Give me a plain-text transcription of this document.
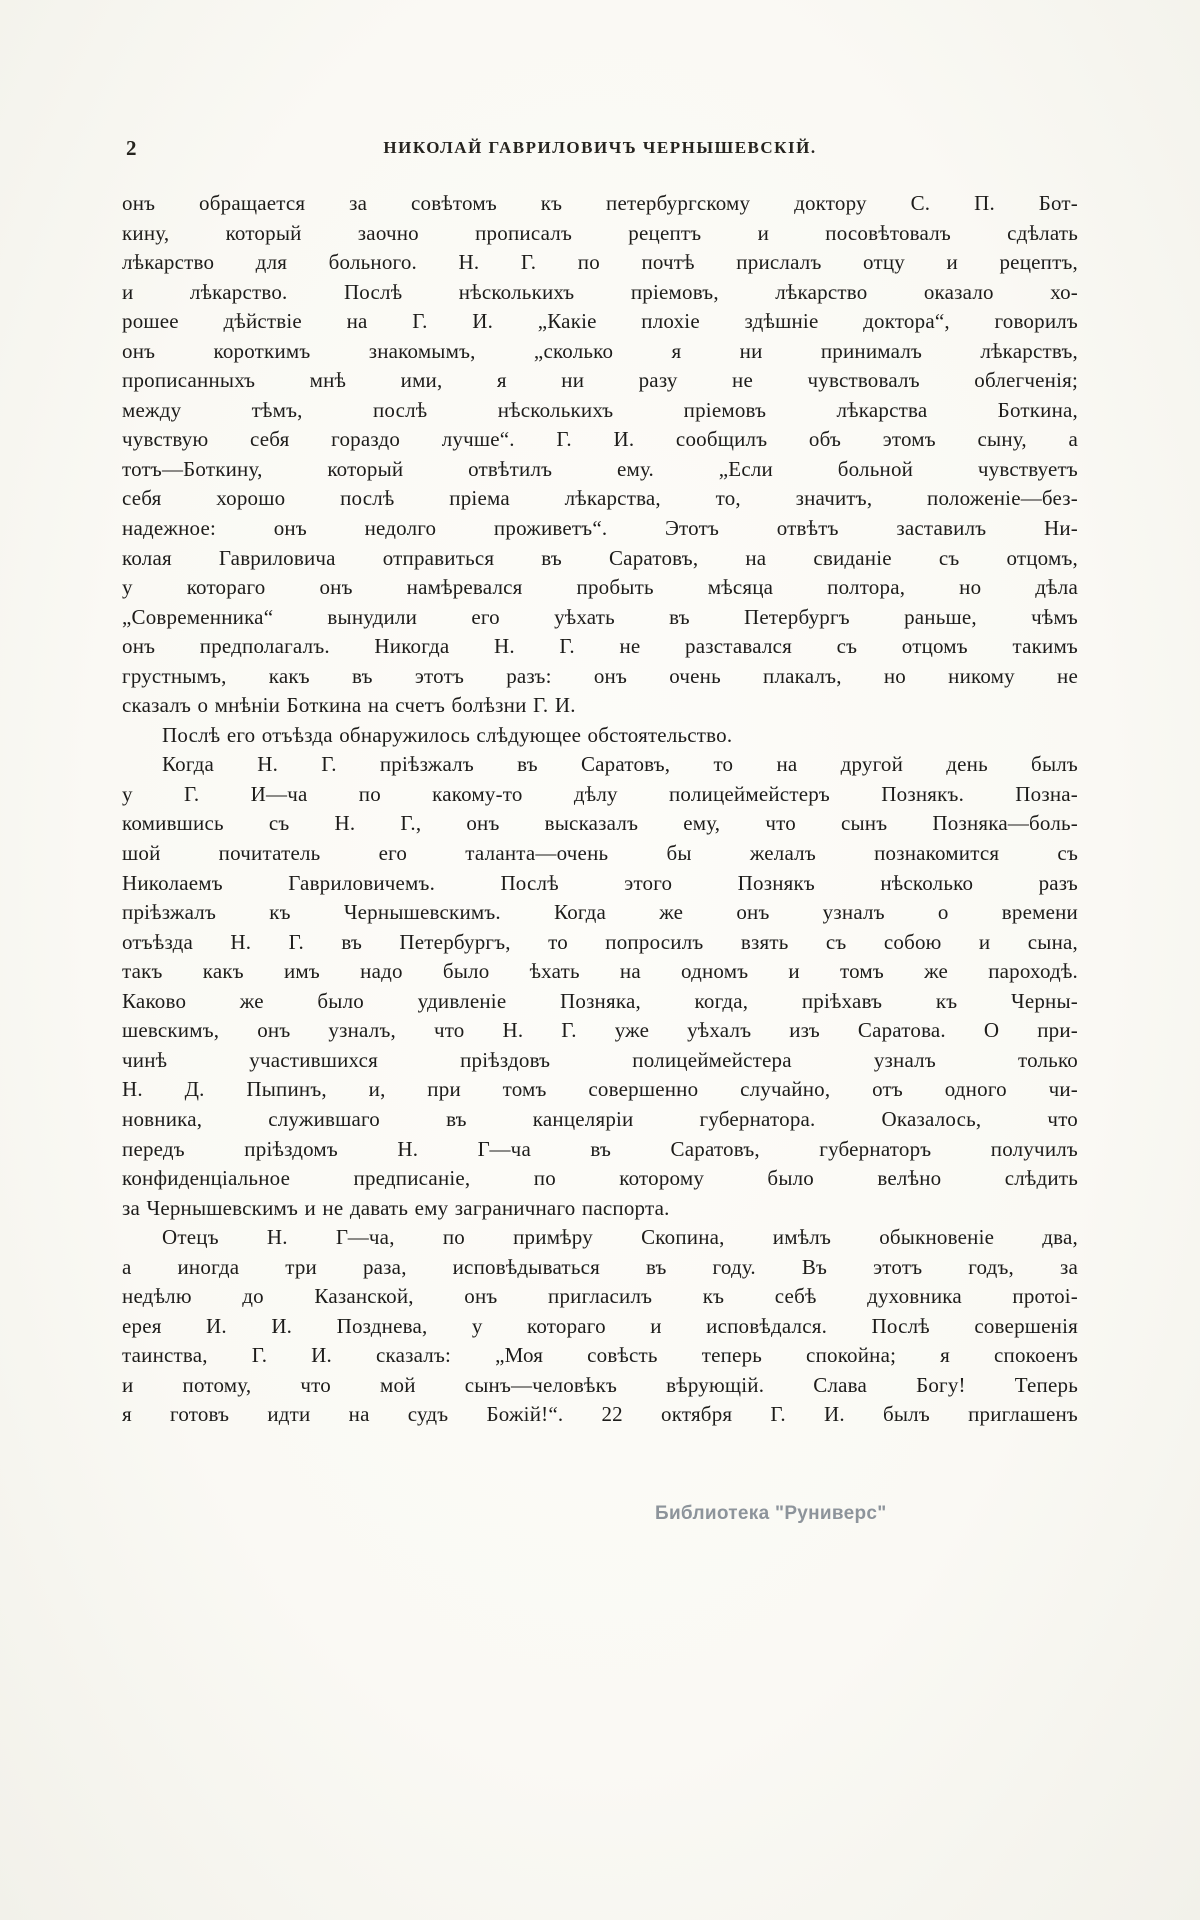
2	НИКОЛАЙ ГАВРИЛОВИЧЪ ЧЕРНЫШЕВСКІЙ.
онъ обращается за совѣтомъ къ петербургскому доктору С. П. Бот-
кину, который заочно прописалъ рецептъ и посовѣтовалъ сдѣлать
лѣкарство для больного. Н. Г. по почтѣ прислалъ отцу и рецептъ,
и лѣкарство. Послѣ нѣсколькихъ пріемовъ, лѣкарство оказало хо-
рошее дѣйствіе на Г. И. „Какіе плохіе здѣшніе доктора“, говорилъ
онъ короткимъ знакомымъ, „сколько я ни принималъ лѣкарствъ,
прописанныхъ мнѣ ими, я ни разу не чувствовалъ облегченія;
между тѣмъ, послѣ нѣсколькихъ пріемовъ лѣкарства Боткина,
чувствую себя гораздо лучше“. Г. И. сообщилъ объ этомъ сыну, а
тотъ—Боткину, который отвѣтилъ ему. „Если больной чувствуетъ
себя хорошо послѣ пріема лѣкарства, то, значитъ, положеніе—без-
надежное: онъ недолго проживетъ“. Этотъ отвѣтъ заставилъ Ни-
колая Гавриловича отправиться въ Саратовъ, на свиданіе съ отцомъ,
у котораго онъ намѣревался пробыть мѣсяца полтора, но дѣла
„Современника“ вынудили его уѣхать въ Петербургъ раньше, чѣмъ
онъ предполагалъ. Никогда Н. Г. не разставался съ отцомъ такимъ
грустнымъ, какъ въ этотъ разъ: онъ очень плакалъ, но никому не
сказалъ о мнѣніи Боткина на счетъ болѣзни Г. И.
Послѣ его отъѣзда обнаружилось слѣдующее обстоятельство.
Когда Н. Г. пріѣзжалъ въ Саратовъ, то на другой день былъ
у Г. И—ча по какому-то дѣлу полицеймейстеръ Познякъ. Позна-
комившись съ Н. Г., онъ высказалъ ему, что сынъ Позняка—боль-
шой почитатель его таланта—очень бы желалъ познакомится съ
Николаемъ Гавриловичемъ. Послѣ этого Познякъ нѣсколько разъ
пріѣзжалъ къ Чернышевскимъ. Когда же онъ узналъ о времени
отъѣзда Н. Г. въ Петербургъ, то попросилъ взять съ собою и сына,
такъ какъ имъ надо было ѣхать на одномъ и томъ же пароходѣ.
Каково же было удивленіе Позняка, когда, пріѣхавъ къ Черны-
шевскимъ, онъ узналъ, что Н. Г. уже уѣхалъ изъ Саратова. О при-
чинѣ участившихся пріѣздовъ полицеймейстера узналъ только
Н. Д. Пыпинъ, и, при томъ совершенно случайно, отъ одного чи-
новника, служившаго въ канцеляріи губернатора. Оказалось, что
передъ пріѣздомъ Н. Г—ча въ Саратовъ, губернаторъ получилъ
конфиденціальное предписаніе, по которому было велѣно слѣдить
за Чернышевскимъ и не давать ему заграничнаго паспорта.
Отецъ Н. Г—ча, по примѣру Скопина, имѣлъ обыкновеніе два,
а иногда три раза, исповѣдываться въ году. Въ этотъ годъ, за
недѣлю до Казанской, онъ пригласилъ къ себѣ духовника протоі-
ерея И. И. Позднева, у котораго и исповѣдался. Послѣ совершенія
таинства, Г. И. сказалъ: „Моя совѣсть теперь спокойна; я спокоенъ
и потому, что мой сынъ—человѣкъ вѣрующій. Слава Богу! Теперь
я готовъ идти на судъ Божій!“. 22 октября Г. И. былъ приглашенъ
Библиотека "Руниверс"
